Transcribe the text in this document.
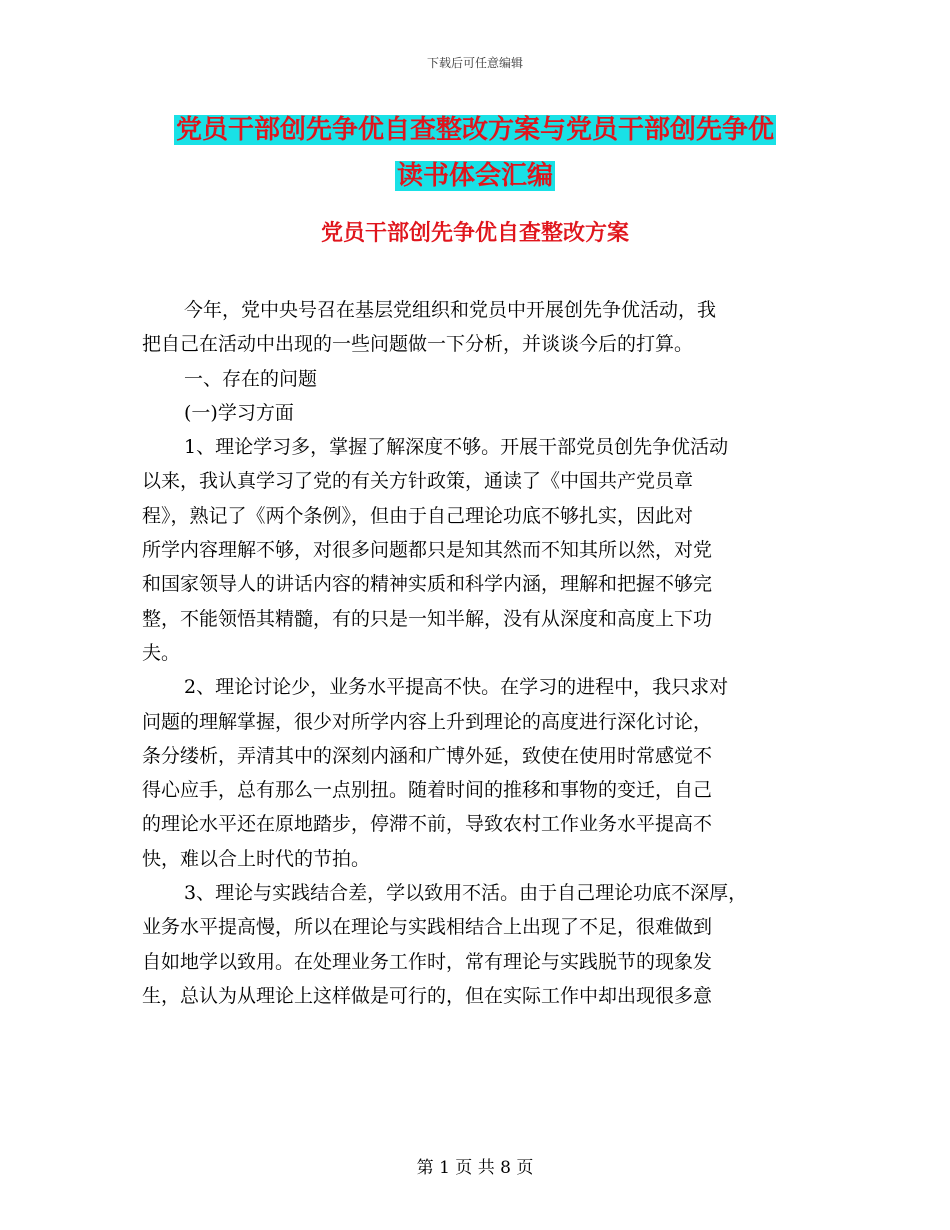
下载后可任意编辑
党员干部创先争优自查整改方案与党员干部创先争优
读书体会汇编
党员干部创先争优自查整改方案
今年，党中央号召在基层党组织和党员中开展创先争优活动，我
把自己在活动中出现的一些问题做一下分析，并谈谈今后的打算。
一、存在的问题
(一)学习方面
1、理论学习多，掌握了解深度不够。开展干部党员创先争优活动
以来，我认真学习了党的有关方针政策，通读了《中国共产党员章
程》，熟记了《两个条例》，但由于自己理论功底不够扎实，因此对
所学内容理解不够，对很多问题都只是知其然而不知其所以然，对党
和国家领导人的讲话内容的精神实质和科学内涵，理解和把握不够完
整，不能领悟其精髓，有的只是一知半解，没有从深度和高度上下功
夫。
2、理论讨论少，业务水平提高不快。在学习的进程中，我只求对
问题的理解掌握，很少对所学内容上升到理论的高度进行深化讨论，
条分缕析，弄清其中的深刻内涵和广博外延，致使在使用时常感觉不
得心应手，总有那么一点别扭。随着时间的推移和事物的变迁，自己
的理论水平还在原地踏步，停滞不前，导致农村工作业务水平提高不
快，难以合上时代的节拍。
3、理论与实践结合差，学以致用不活。由于自己理论功底不深厚，
业务水平提高慢，所以在理论与实践相结合上出现了不足，很难做到
自如地学以致用。在处理业务工作时，常有理论与实践脱节的现象发
生，总认为从理论上这样做是可行的，但在实际工作中却出现很多意
第 1 页 共 8 页
